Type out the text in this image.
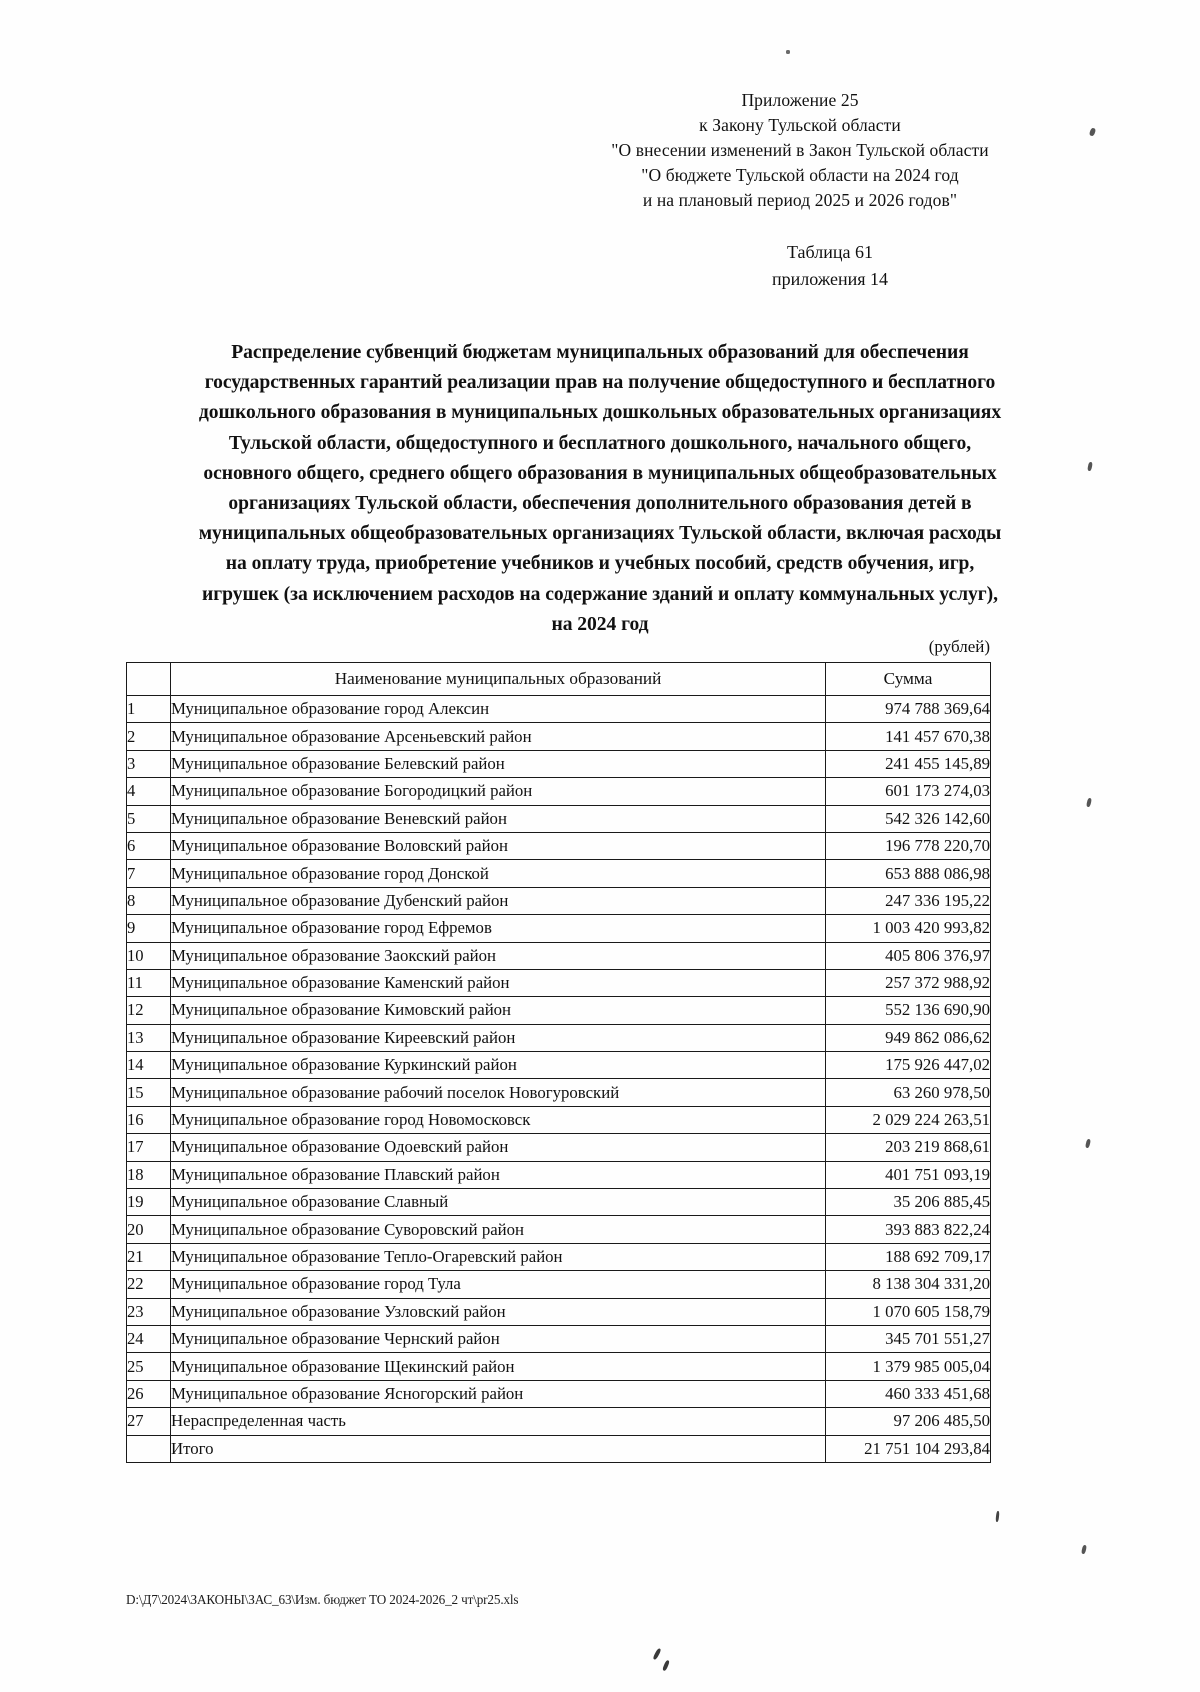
Приложение 25
к Закону Тульской области
"О внесении изменений в Закон Тульской области
"О бюджете Тульской области на 2024 год
и на плановый период 2025 и 2026 годов"
Таблица 61
приложения 14
Распределение субвенций бюджетам муниципальных образований для обеспечения
государственных гарантий реализации прав на получение общедоступного и бесплатного
дошкольного образования в муниципальных дошкольных образовательных организациях
Тульской области, общедоступного и бесплатного дошкольного, начального общего,
основного общего, среднего общего образования в муниципальных общеобразовательных
организациях Тульской области, обеспечения дополнительного образования детей в
муниципальных общеобразовательных организациях Тульской области, включая расходы
на оплату труда, приобретение учебников и учебных пособий, средств обучения, игр,
игрушек (за исключением расходов на содержание зданий и оплату коммунальных услуг),
на 2024 год
(рублей)
	Наименование муниципальных образований	Сумма
1	Муниципальное образование город Алексин	974 788 369,64
2	Муниципальное образование Арсеньевский район	141 457 670,38
3	Муниципальное образование Белевский район	241 455 145,89
4	Муниципальное образование Богородицкий район	601 173 274,03
5	Муниципальное образование Веневский район	542 326 142,60
6	Муниципальное образование Воловский район	196 778 220,70
7	Муниципальное образование город Донской	653 888 086,98
8	Муниципальное образование Дубенский район	247 336 195,22
9	Муниципальное образование город Ефремов	1 003 420 993,82
10	Муниципальное образование Заокский район	405 806 376,97
11	Муниципальное образование Каменский район	257 372 988,92
12	Муниципальное образование Кимовский район	552 136 690,90
13	Муниципальное образование Киреевский район	949 862 086,62
14	Муниципальное образование Куркинский район	175 926 447,02
15	Муниципальное образование рабочий поселок Новогуровский	63 260 978,50
16	Муниципальное образование город Новомосковск	2 029 224 263,51
17	Муниципальное образование Одоевский район	203 219 868,61
18	Муниципальное образование Плавский район	401 751 093,19
19	Муниципальное образование Славный	35 206 885,45
20	Муниципальное образование Суворовский район	393 883 822,24
21	Муниципальное образование Тепло-Огаревский район	188 692 709,17
22	Муниципальное образование город Тула	8 138 304 331,20
23	Муниципальное образование Узловский район	1 070 605 158,79
24	Муниципальное образование Чернский район	345 701 551,27
25	Муниципальное образование Щекинский район	1 379 985 005,04
26	Муниципальное образование Ясногорский район	460 333 451,68
27	Нераспределенная часть	97 206 485,50
	Итого	21 751 104 293,84
D:\Д7\2024\ЗАКОНЫ\ЗАС_63\Изм. бюджет ТО 2024-2026_2 чт\pr25.xls
